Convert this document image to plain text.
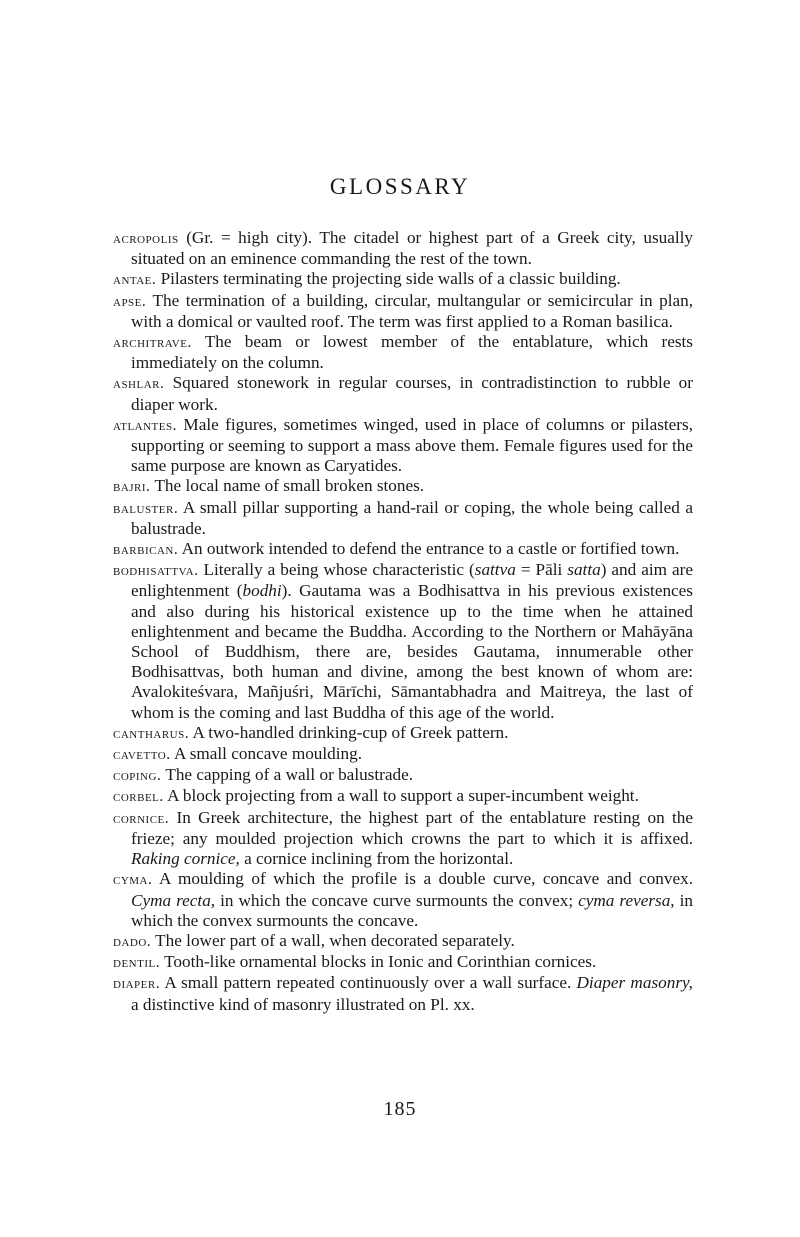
GLOSSARY

acropolis (Gr. = high city). The citadel or highest part of a Greek city, usually situated on an eminence commanding the rest of the town.

antae. Pilasters terminating the projecting side walls of a classic building.

apse. The termination of a building, circular, multangular or semicircular in plan, with a domical or vaulted roof. The term was first applied to a Roman basilica.

architrave. The beam or lowest member of the entablature, which rests immediately on the column.

ashlar. Squared stonework in regular courses, in contradistinction to rubble or diaper work.

atlantes. Male figures, sometimes winged, used in place of columns or pilasters, supporting or seeming to support a mass above them. Female figures used for the same purpose are known as Caryatides.

bajri. The local name of small broken stones.

baluster. A small pillar supporting a hand-rail or coping, the whole being called a balustrade.

barbican. An outwork intended to defend the entrance to a castle or fortified town.

bodhisattva. Literally a being whose characteristic (sattva = Pāli satta) and aim are enlightenment (bodhi). Gautama was a Bodhisattva in his previous existences and also during his historical existence up to the time when he attained enlightenment and became the Buddha. According to the Northern or Mahāyāna School of Buddhism, there are, besides Gautama, innumerable other Bodhisattvas, both human and divine, among the best known of whom are: Avalokiteśvara, Mañjuśri, Mārīchi, Sāmantabhadra and Maitreya, the last of whom is the coming and last Buddha of this age of the world.

cantharus. A two-handled drinking-cup of Greek pattern.

cavetto. A small concave moulding.

coping. The capping of a wall or balustrade.

corbel. A block projecting from a wall to support a super-incumbent weight.

cornice. In Greek architecture, the highest part of the entablature resting on the frieze; any moulded projection which crowns the part to which it is affixed. Raking cornice, a cornice inclining from the horizontal.

cyma. A moulding of which the profile is a double curve, concave and convex. Cyma recta, in which the concave curve surmounts the convex; cyma reversa, in which the convex surmounts the concave.

dado. The lower part of a wall, when decorated separately.

dentil. Tooth-like ornamental blocks in Ionic and Corinthian cornices.

diaper. A small pattern repeated continuously over a wall surface. Diaper masonry, a distinctive kind of masonry illustrated on Pl. xx.

185
